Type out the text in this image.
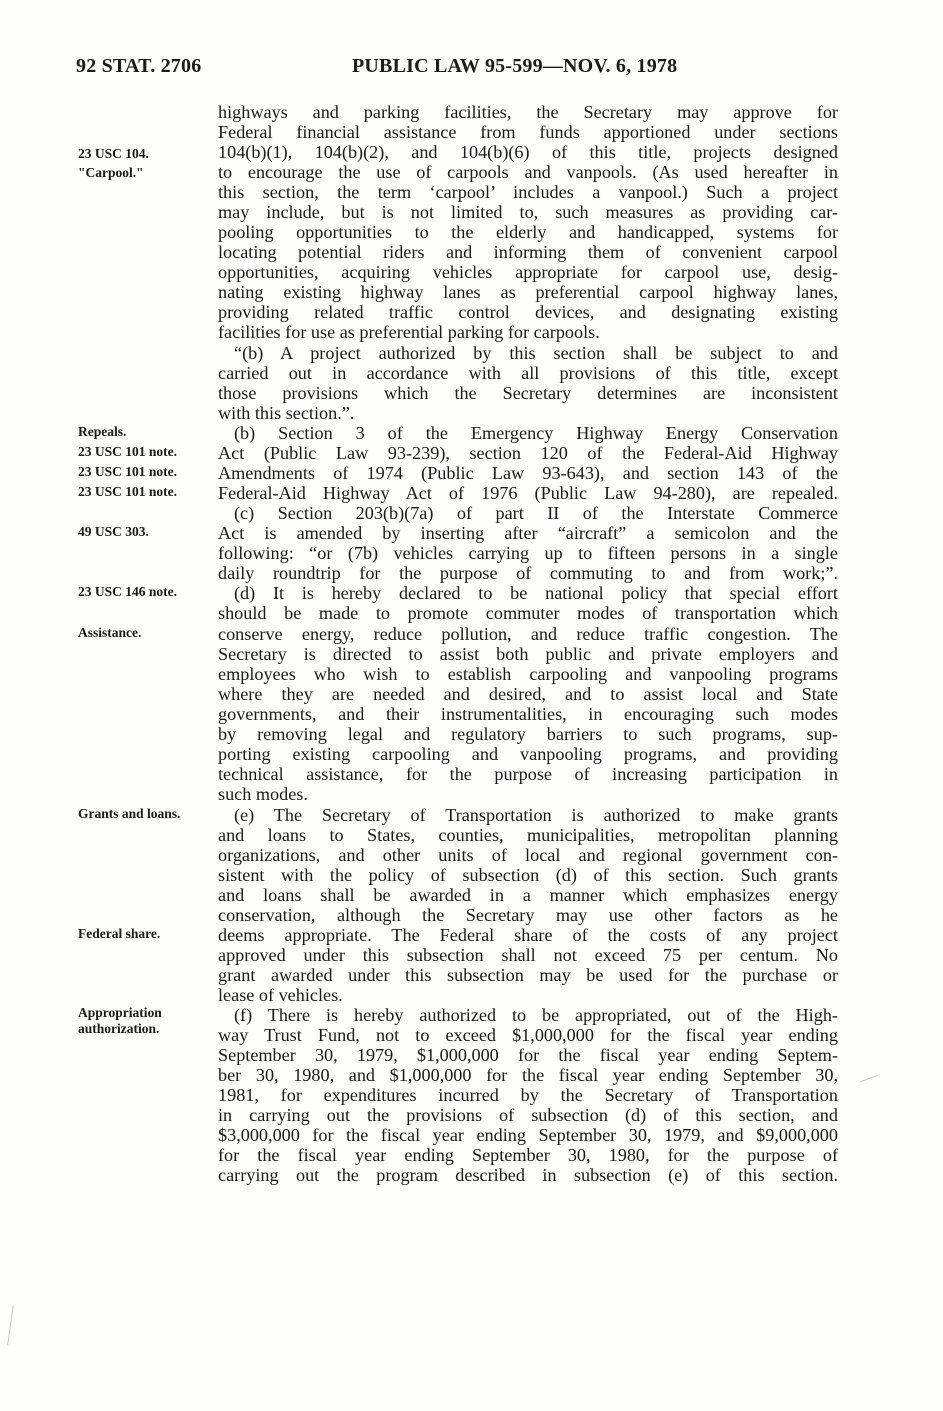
92 STAT. 2706	PUBLIC LAW 95-599—NOV. 6, 1978
23 USC 104.
"Carpool."
Repeals.
23 USC 101 note.
23 USC 101 note.
23 USC 101 note.
49 USC 303.
23 USC 146 note.
Assistance.
Grants and loans.
Federal share.
Appropriation
authorization.
highways and parking facilities, the Secretary may approve for
Federal financial assistance from funds apportioned under sections
104(b)(1), 104(b)(2), and 104(b)(6) of this title, projects designed
to encourage the use of carpools and vanpools. (As used hereafter in
this section, the term ‘carpool’ includes a vanpool.) Such a project
may include, but is not limited to, such measures as providing car-
pooling opportunities to the elderly and handicapped, systems for
locating potential riders and informing them of convenient carpool
opportunities, acquiring vehicles appropriate for carpool use, desig-
nating existing highway lanes as preferential carpool highway lanes,
providing related traffic control devices, and designating existing
facilities for use as preferential parking for carpools.
“(b) A project authorized by this section shall be subject to and
carried out in accordance with all provisions of this title, except
those provisions which the Secretary determines are inconsistent
with this section.”.
(b) Section 3 of the Emergency Highway Energy Conservation
Act (Public Law 93-239), section 120 of the Federal-Aid Highway
Amendments of 1974 (Public Law 93-643), and section 143 of the
Federal-Aid Highway Act of 1976 (Public Law 94-280), are repealed.
(c) Section 203(b)(7a) of part II of the Interstate Commerce
Act is amended by inserting after “aircraft” a semicolon and the
following: “or (7b) vehicles carrying up to fifteen persons in a single
daily roundtrip for the purpose of commuting to and from work;”.
(d) It is hereby declared to be national policy that special effort
should be made to promote commuter modes of transportation which
conserve energy, reduce pollution, and reduce traffic congestion. The
Secretary is directed to assist both public and private employers and
employees who wish to establish carpooling and vanpooling programs
where they are needed and desired, and to assist local and State
governments, and their instrumentalities, in encouraging such modes
by removing legal and regulatory barriers to such programs, sup-
porting existing carpooling and vanpooling programs, and providing
technical assistance, for the purpose of increasing participation in
such modes.
(e) The Secretary of Transportation is authorized to make grants
and loans to States, counties, municipalities, metropolitan planning
organizations, and other units of local and regional government con-
sistent with the policy of subsection (d) of this section. Such grants
and loans shall be awarded in a manner which emphasizes energy
conservation, although the Secretary may use other factors as he
deems appropriate. The Federal share of the costs of any project
approved under this subsection shall not exceed 75 per centum. No
grant awarded under this subsection may be used for the purchase or
lease of vehicles.
(f) There is hereby authorized to be appropriated, out of the High-
way Trust Fund, not to exceed $1,000,000 for the fiscal year ending
September 30, 1979, $1,000,000 for the fiscal year ending Septem-
ber 30, 1980, and $1,000,000 for the fiscal year ending September 30,
1981, for expenditures incurred by the Secretary of Transportation
in carrying out the provisions of subsection (d) of this section, and
$3,000,000 for the fiscal year ending September 30, 1979, and $9,000,000
for the fiscal year ending September 30, 1980, for the purpose of
carrying out the program described in subsection (e) of this section.
